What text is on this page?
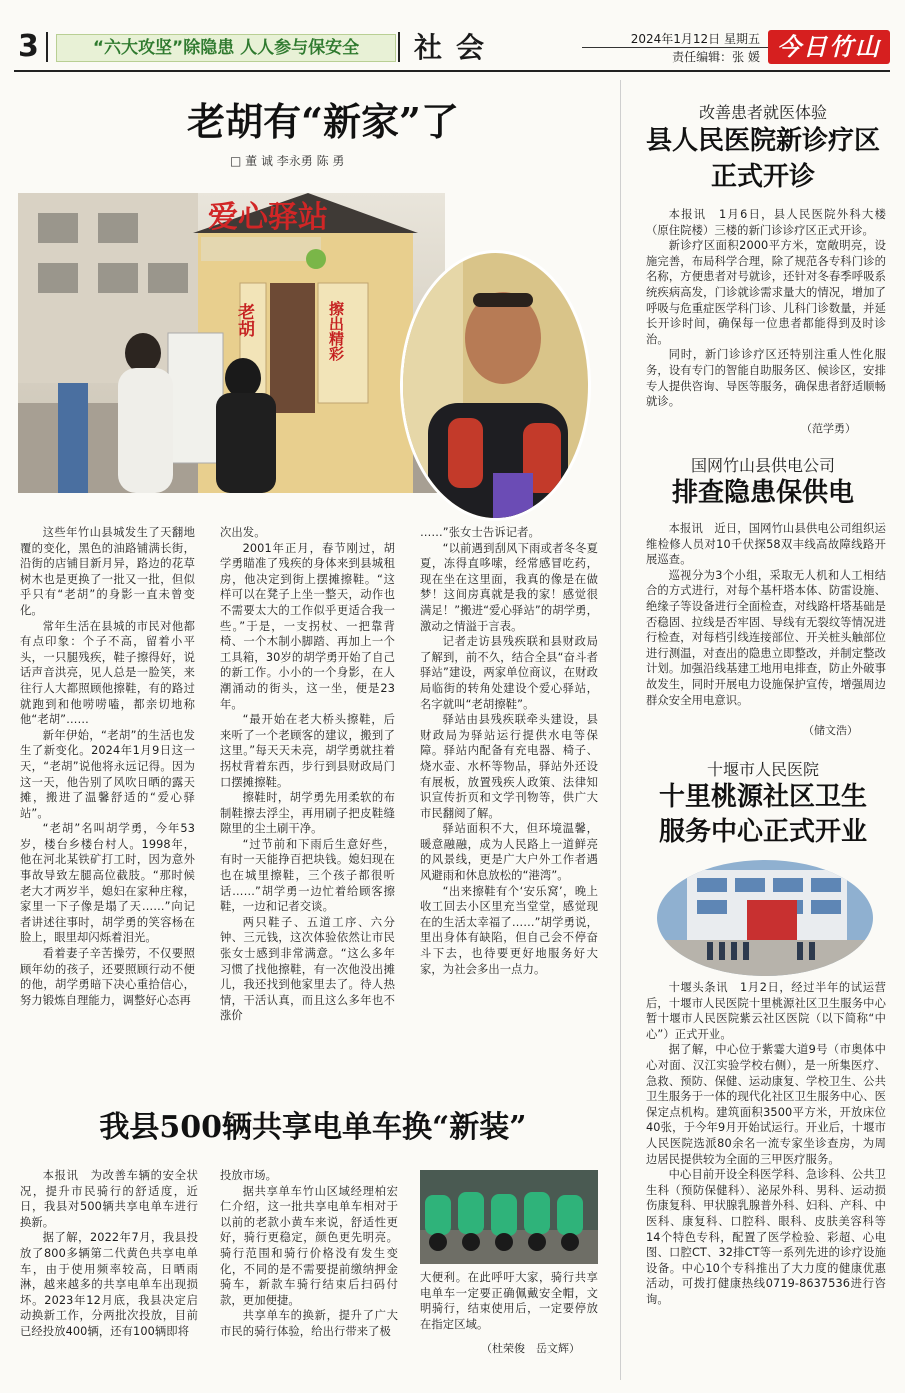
3	“六大攻坚”除隐患 人人参与保安全	社会	2024年1月12日 星期五
责任编辑：张 媛 今日竹山
老胡有“新家”了
□ 董 诚 李永勇 陈 勇
爱心驿站
老胡	擦出精彩

这些年竹山县城发生了天翻地覆的变化，黑色的油路铺满长街，沿街的店铺目新月异，路边的花草树木也是更换了一批又一批，但似乎只有“老胡”的身影一直未曾变化。

常年生活在县城的市民对他都有点印象：个子不高，留着小平头，一只腿残疾，鞋子擦得好，说话声音洪亮，见人总是一脸笑，来往行人大都照顾他擦鞋，有的路过就跑到和他唠唠嗑，都亲切地称他“老胡”……

新年伊始，“老胡”的生活也发生了新变化。2024年1月9日这一天，“老胡”说他将永远记得。因为这一天，他告别了风吹日晒的露天摊，搬进了温馨舒适的“爱心驿站”。

“老胡”名叫胡学勇，今年53岁，楼台乡楼台村人。1998年，他在河北某铁矿打工时，因为意外事故导致左腿高位截肢。“那时候老大才两岁半，媳妇在家种庄稼，家里一下子像是塌了天……”向记者讲述往事时，胡学勇的笑容杨在脸上，眼里却闪烁着泪光。

看着妻子辛苦操劳，不仅要照顾年幼的孩子，还要照顾行动不便的他，胡学勇暗下决心重拾信心，努力锻炼自理能力，调整好心态再

次出发。

2001年正月，春节刚过，胡学勇瞄准了残疾的身体来到县城租房，他决定到街上摆摊擦鞋。“这样可以在凳子上坐一整天，动作也不需要太大的工作似乎更适合我一些。”于是，一支拐杖、一把靠背椅、一个木制小脚踏、再加上一个工具箱，30岁的胡学勇开始了自己的新工作。小小的一个身影，在人潮涌动的街头，这一坐，便是23年。

“最开始在老大桥头擦鞋，后来听了一个老顾客的建议，搬到了这里。”每天天未亮，胡学勇就拄着拐杖背着东西，步行到县财政局门口摆摊擦鞋。

擦鞋时，胡学勇先用柔软的布制鞋擦去浮尘，再用刷子把皮鞋缝隙里的尘土刷干净。

“过节前和下雨后生意好些，有时一天能挣百把块钱。媳妇现在也在城里擦鞋，三个孩子都很听话……”胡学勇一边忙着给顾客擦鞋，一边和记者交谈。

两只鞋子、五道工序、六分钟、三元钱，这次体验依然让市民张女士感到非常满意。“这么多年习惯了找他擦鞋，有一次他没出摊儿，我还找到他家里去了。待人热情，干活认真，而且这么多年也不涨价

……”张女士告诉记者。

“以前遇到刮风下雨或者冬冬夏夏，冻得直哆嗦，经常感冒吃药，现在坐在这里面，我真的像是在做梦！这间房真就是我的家！感觉很满足！”搬进“爱心驿站”的胡学勇，激动之情溢于言表。

记者走访县残疾联和县财政局了解到，前不久，结合全县“奋斗者驿站”建设，两家单位商议，在财政局临街的转角处建设个爱心驿站，名字就叫“老胡擦鞋”。

驿站由县残疾联牵头建设，县财政局为驿站运行提供水电等保障。驿站内配备有充电器、椅子、烧水壶、水杯等物品，驿站外还设有展板，放置残疾人政策、法律知识宣传折页和文学刊物等，供广大市民翻阅了解。

驿站面积不大，但环境温馨，暖意融融，成为人民路上一道鲜亮的风景线，更是广大户外工作者遇风避雨和休息放松的“港湾”。

“出来擦鞋有个‘安乐窝’，晚上收工回去小区里充当堂堂，感觉现在的生活太幸福了……”胡学勇说，里出身体有缺陷，但自己会不停奋斗下去，也待要更好地服务好大家，为社会多出一点力。

我县500辆共享电单车换“新装”

本报讯　为改善车辆的安全状况，提升市民骑行的舒适度，近日，我县对500辆共享电单车进行换新。

据了解，2022年7月，我县投放了800多辆第二代黄色共享电单车，由于使用频率较高，日晒雨淋，越来越多的共享电单车出现损坏。2023年12月底，我县决定启动换新工作，分两批次投放，目前已经投放400辆，还有100辆即将

投放市场。

据共享单车竹山区域经理柏宏仁介绍，这一批共享电单车相对于以前的老款小黄车来说，舒适性更好，骑行更稳定，颜色更先明亮。骑行范围和骑行价格没有发生变化，不同的是不需要提前缴纳押金骑车，新款车骑行结束后扫码付款，更加便捷。

共享单车的换新，提升了广大市民的骑行体验，给出行带来了极

大便利。在此呼吁大家，骑行共享电单车一定要正确佩戴安全帽，文明骑行，结束使用后，一定要停放在指定区域。

（杜荣俊　岳文辉）
改善患者就医体验
县人民医院新诊疗区
正式开诊

本报讯　1月6日，县人民医院外科大楼（原住院楼）三楼的新门诊诊疗区正式开诊。

新诊疗区面积2000平方米，宽敞明亮，设施完善，布局科学合理，除了规范各专科门诊的名称，方便患者对号就诊，还针对冬春季呼吸系统疾病高发，门诊就诊需求量大的情况，增加了呼吸与危重症医学科门诊、儿科门诊数量，并延长开诊时间，确保每一位患者都能得到及时诊治。

同时，新门诊诊疗区还特别注重人性化服务，设有专门的智能自助服务区、候诊区，安排专人提供咨询、导医等服务，确保患者舒适顺畅就诊。

（范学勇）
国网竹山县供电公司
排查隐患保供电

本报讯　近日，国网竹山县供电公司组织运维检修人员对10千伏探58双丰线高故障线路开展巡查。

巡视分为3个小组，采取无人机和人工相结合的方式进行，对每个基杆塔本体、防雷设施、绝缘子等设备进行全面检查，对线路杆塔基础是否稳固、拉线是否牢固、导线有无裂纹等情况进行检查，对每档引线连接部位、开关桩头触部位进行测温，对查出的隐患立即整改，并制定整改计划。加强沿线基建工地用电排查，防止外破事故发生，同时开展电力设施保护宣传，增强周边群众安全用电意识。

（储文浩）
十堰市人民医院
十里桃源社区卫生
服务中心正式开业

十堰头条讯　1月2日，经过半年的试运营后，十堰市人民医院十里桃源社区卫生服务中心暂十堰市人民医院紫云社区医院（以下简称“中心”）正式开业。

据了解，中心位于紫霎大道9号（市奥体中心对面、汉江实验学校右侧），是一所集医疗、急救、预防、保健、运动康复、学校卫生、公共卫生服务于一体的现代化社区卫生服务中心、医保定点机构。建筑面积3500平方米，开放床位40张，于今年9月开始试运行。开业后，十堰市人民医院选派80余名一流专家坐诊查房，为周边居民提供较为全面的三甲医疗服务。

中心目前开设全科医学科、急诊科、公共卫生科（预防保健科）、泌尿外科、男科、运动损伤康复科、甲状腺乳腺普外科、妇科、产科、中医科、康复科、口腔科、眼科、皮肤美容科等14个特色专科，配置了医学检验、彩超、心电图、口腔CT、32排CT等一系列先进的诊疗设施设备。中心10个专科推出了大力度的健康优惠活动，可拨打健康热线0719-8637536进行咨询。
